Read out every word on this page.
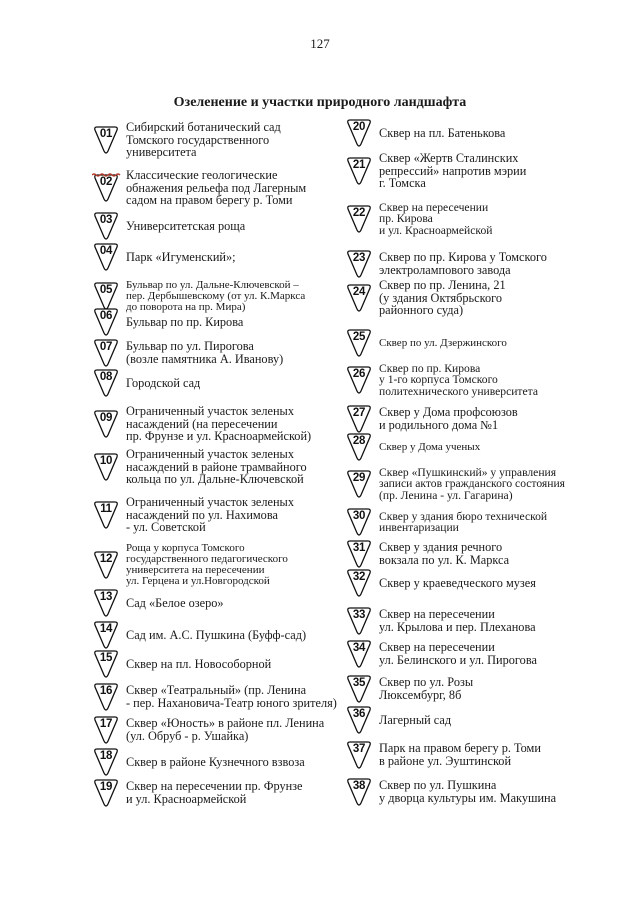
127
Озеленение и участки природного ландшафта
01	Сибирский ботанический сад
Томского государственного
университета
02	Классические геологические
обнажения рельефа под Лагерным
садом на правом берегу р. Томи
03	Университетская роща
04	Парк «Игуменский»;
05	Бульвар по ул. Дальне-Ключевской –
пер. Дербышевскому (от ул. К.Маркса
до поворота на пр. Мира)
06	Бульвар по пр. Кирова
07	Бульвар по ул. Пирогова
(возле памятника А. Иванову)
08	Городской сад
09	Ограниченный участок зеленых
насаждений (на пересечении
пр. Фрунзе и ул. Красноармейской)
10	Ограниченный участок зеленых
насаждений в районе трамвайного
кольца по ул. Дальне-Ключевской
11	Ограниченный участок зеленых
насаждений по ул. Нахимова
- ул. Советской
12
Роща у корпуса Томского
государственного педагогического
университета на пересечении
ул. Герцена и ул.Новгородской
13	Сад «Белое озеро»
14	Сад им. А.С. Пушкина (Буфф-сад)
15	Сквер на пл. Новособорной
16	Сквер «Театральный» (пр. Ленина
- пер. Нахановича-Театр юного зрителя)
17	Сквер «Юность» в районе пл. Ленина
(ул. Обруб - р. Ушайка)
18	Сквер в районе Кузнечного взвоза
19	Сквер на пересечении пр. Фрунзе
и ул. Красноармейской
20	Сквер на пл. Батенькова
21	Сквер «Жертв Сталинских
репрессий» напротив мэрии
г. Томска
22	Сквер на пересечении
пр. Кирова
и ул. Красноармейской
23	Сквер по пр. Кирова у Томского
электролампового завода
24	Сквер по пр. Ленина, 21
(у здания Октябрьского
районного суда)
25	Сквер по ул. Дзержинского
26	Сквер по пр. Кирова
у 1-го корпуса Томского
политехнического университета
27	Сквер у Дома профсоюзов
и родильного дома №1
28	Сквер у Дома ученых
29	Сквер «Пушкинский» у управления
записи актов гражданского состояния
(пр. Ленина - ул. Гагарина)
30	Сквер у здания бюро технической
инвентаризации
31	Сквер у здания речного
вокзала по ул. К. Маркса
32	Сквер у краеведческого музея
33	Сквер на пересечении
ул. Крылова и пер. Плеханова
34	Сквер на пересечении
ул. Белинского и ул. Пирогова
35	Сквер по ул. Розы
Люксембург, 8б
36	Лагерный сад
37	Парк на правом берегу р. Томи
в районе ул. Эуштинской
38	Сквер по ул. Пушкина
у дворца культуры им. Макушина
